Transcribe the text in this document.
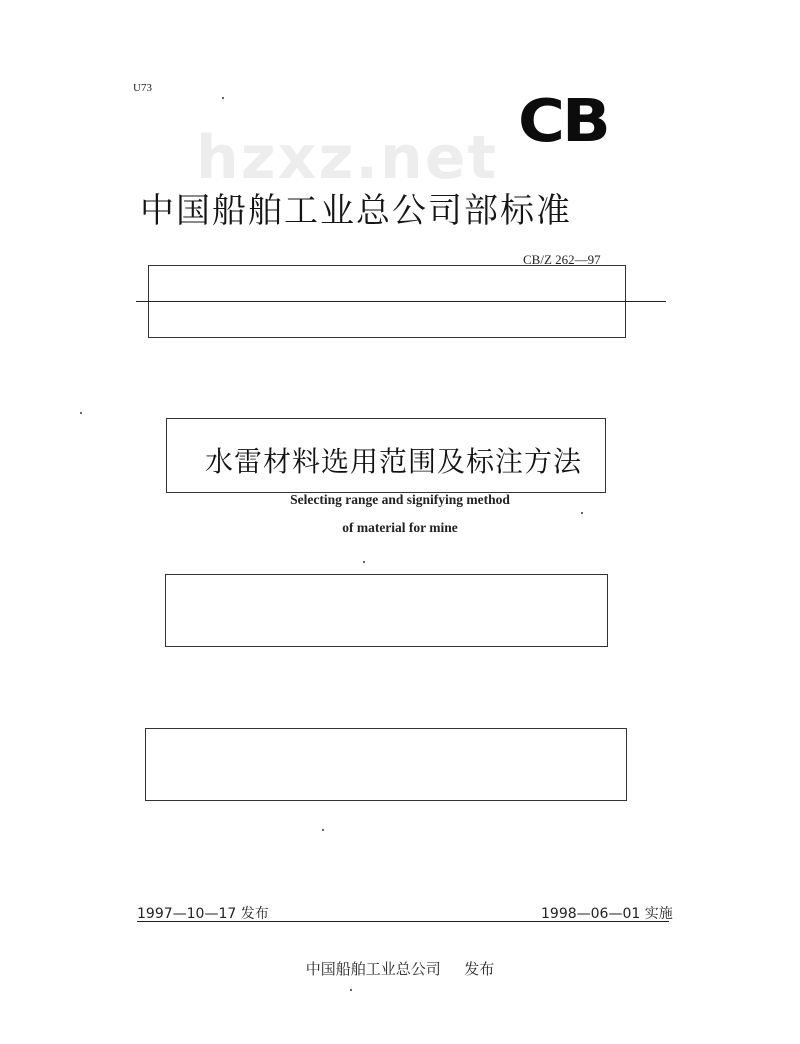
U73
hzxz.net
CB
中国船舶工业总公司部标准
CB/Z 262—97
水雷材料选用范围及标注方法
Selecting range and signifying method
of material for mine
1997—10—17 发布	1998—06—01 实施
中国船舶工业总公司 发布
